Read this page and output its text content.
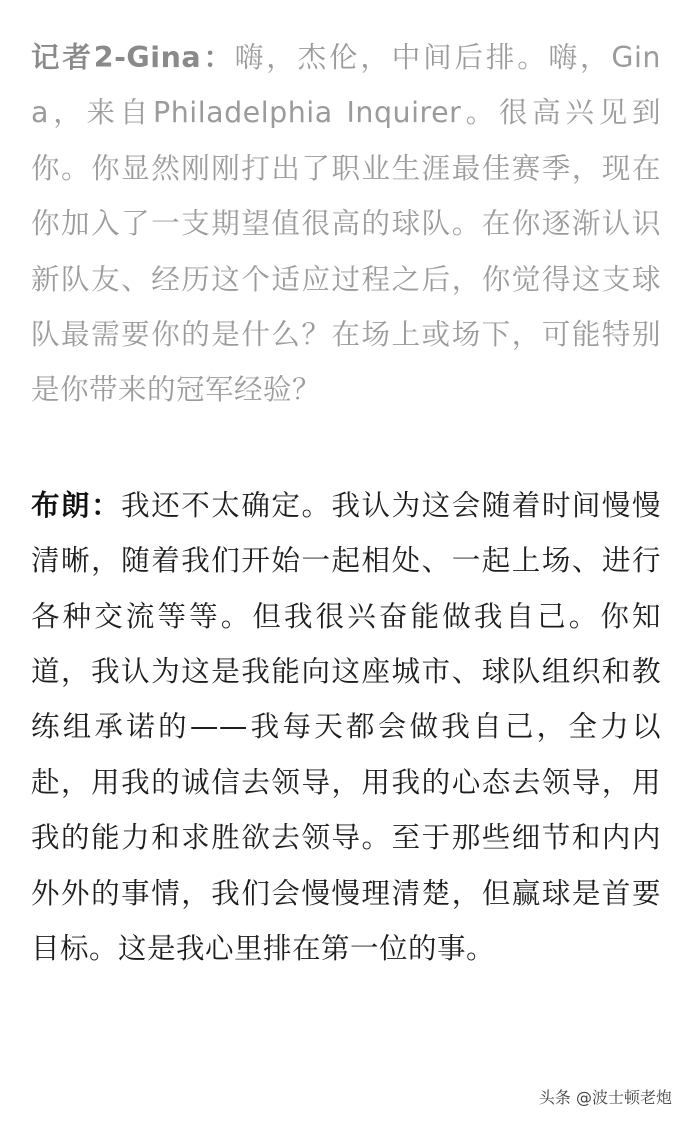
记者2-Gina：嗨，杰伦，中间后排。嗨，Gina，来自Philadelphia Inquirer。很高兴见到你。你显然刚刚打出了职业生涯最佳赛季，现在你加入了一支期望值很高的球队。在你逐渐认识新队友、经历这个适应过程之后，你觉得这支球队最需要你的是什么？在场上或场下，可能特别是你带来的冠军经验？

布朗：我还不太确定。我认为这会随着时间慢慢清晰，随着我们开始一起相处、一起上场、进行各种交流等等。但我很兴奋能做我自己。你知道，我认为这是我能向这座城市、球队组织和教练组承诺的——我每天都会做我自己，全力以赴，用我的诚信去领导，用我的心态去领导，用我的能力和求胜欲去领导。至于那些细节和内内外外的事情，我们会慢慢理清楚，但赢球是首要目标。这是我心里排在第一位的事。

头条 @波士顿老炮
